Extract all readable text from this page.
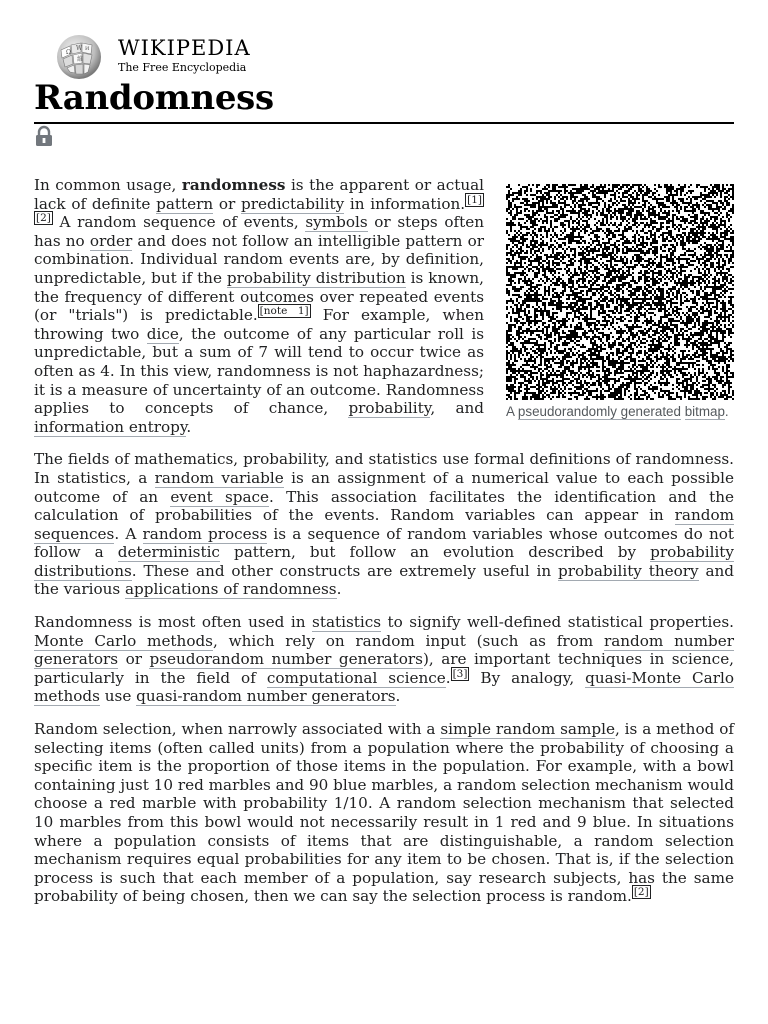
Ω
W И
維 WIKIPEDIA
The Free Encyclopedia
Randomness
A pseudorandomly generated bitmap.

In common usage, randomness is the apparent or actual lack of definite pattern or predictability in information. [1][2] A random sequence of events, symbols or steps often has no order and does not follow an intelligible pattern or combination. Individual random events are, by definition, unpredictable, but if the probability distribution is known, the frequency of different outcomes over repeated events (or "trials") is predictable. [note 1] For example, when throwing two dice, the outcome of any particular roll is unpredictable, but a sum of 7 will tend to occur twice as often as 4. In this view, randomness is not haphazardness; it is a measure of uncertainty of an outcome. Randomness applies to concepts of chance, probability, and information entropy.

The fields of mathematics, probability, and statistics use formal definitions of randomness. In statistics, a random variable is an assignment of a numerical value to each possible outcome of an event space. This association facilitates the identification and the calculation of probabilities of the events. Random variables can appear in random sequences. A random process is a sequence of random variables whose outcomes do not follow a deterministic pattern, but follow an evolution described by probability distributions. These and other constructs are extremely useful in probability theory and the various applications of randomness.

Randomness is most often used in statistics to signify well-defined statistical properties. Monte Carlo methods, which rely on random input (such as from random number generators or pseudorandom number generators), are important techniques in science, particularly in the field of computational science. [3] By analogy, quasi-Monte Carlo methods use quasi-random number generators.

Random selection, when narrowly associated with a simple random sample, is a method of selecting items (often called units) from a population where the probability of choosing a specific item is the proportion of those items in the population. For example, with a bowl containing just 10 red marbles and 90 blue marbles, a random selection mechanism would choose a red marble with probability 1/10. A random selection mechanism that selected 10 marbles from this bowl would not necessarily result in 1 red and 9 blue. In situations where a population consists of items that are distinguishable, a random selection mechanism requires equal probabilities for any item to be chosen. That is, if the selection process is such that each member of a population, say research subjects, has the same probability of being chosen, then we can say the selection process is random. [2]
